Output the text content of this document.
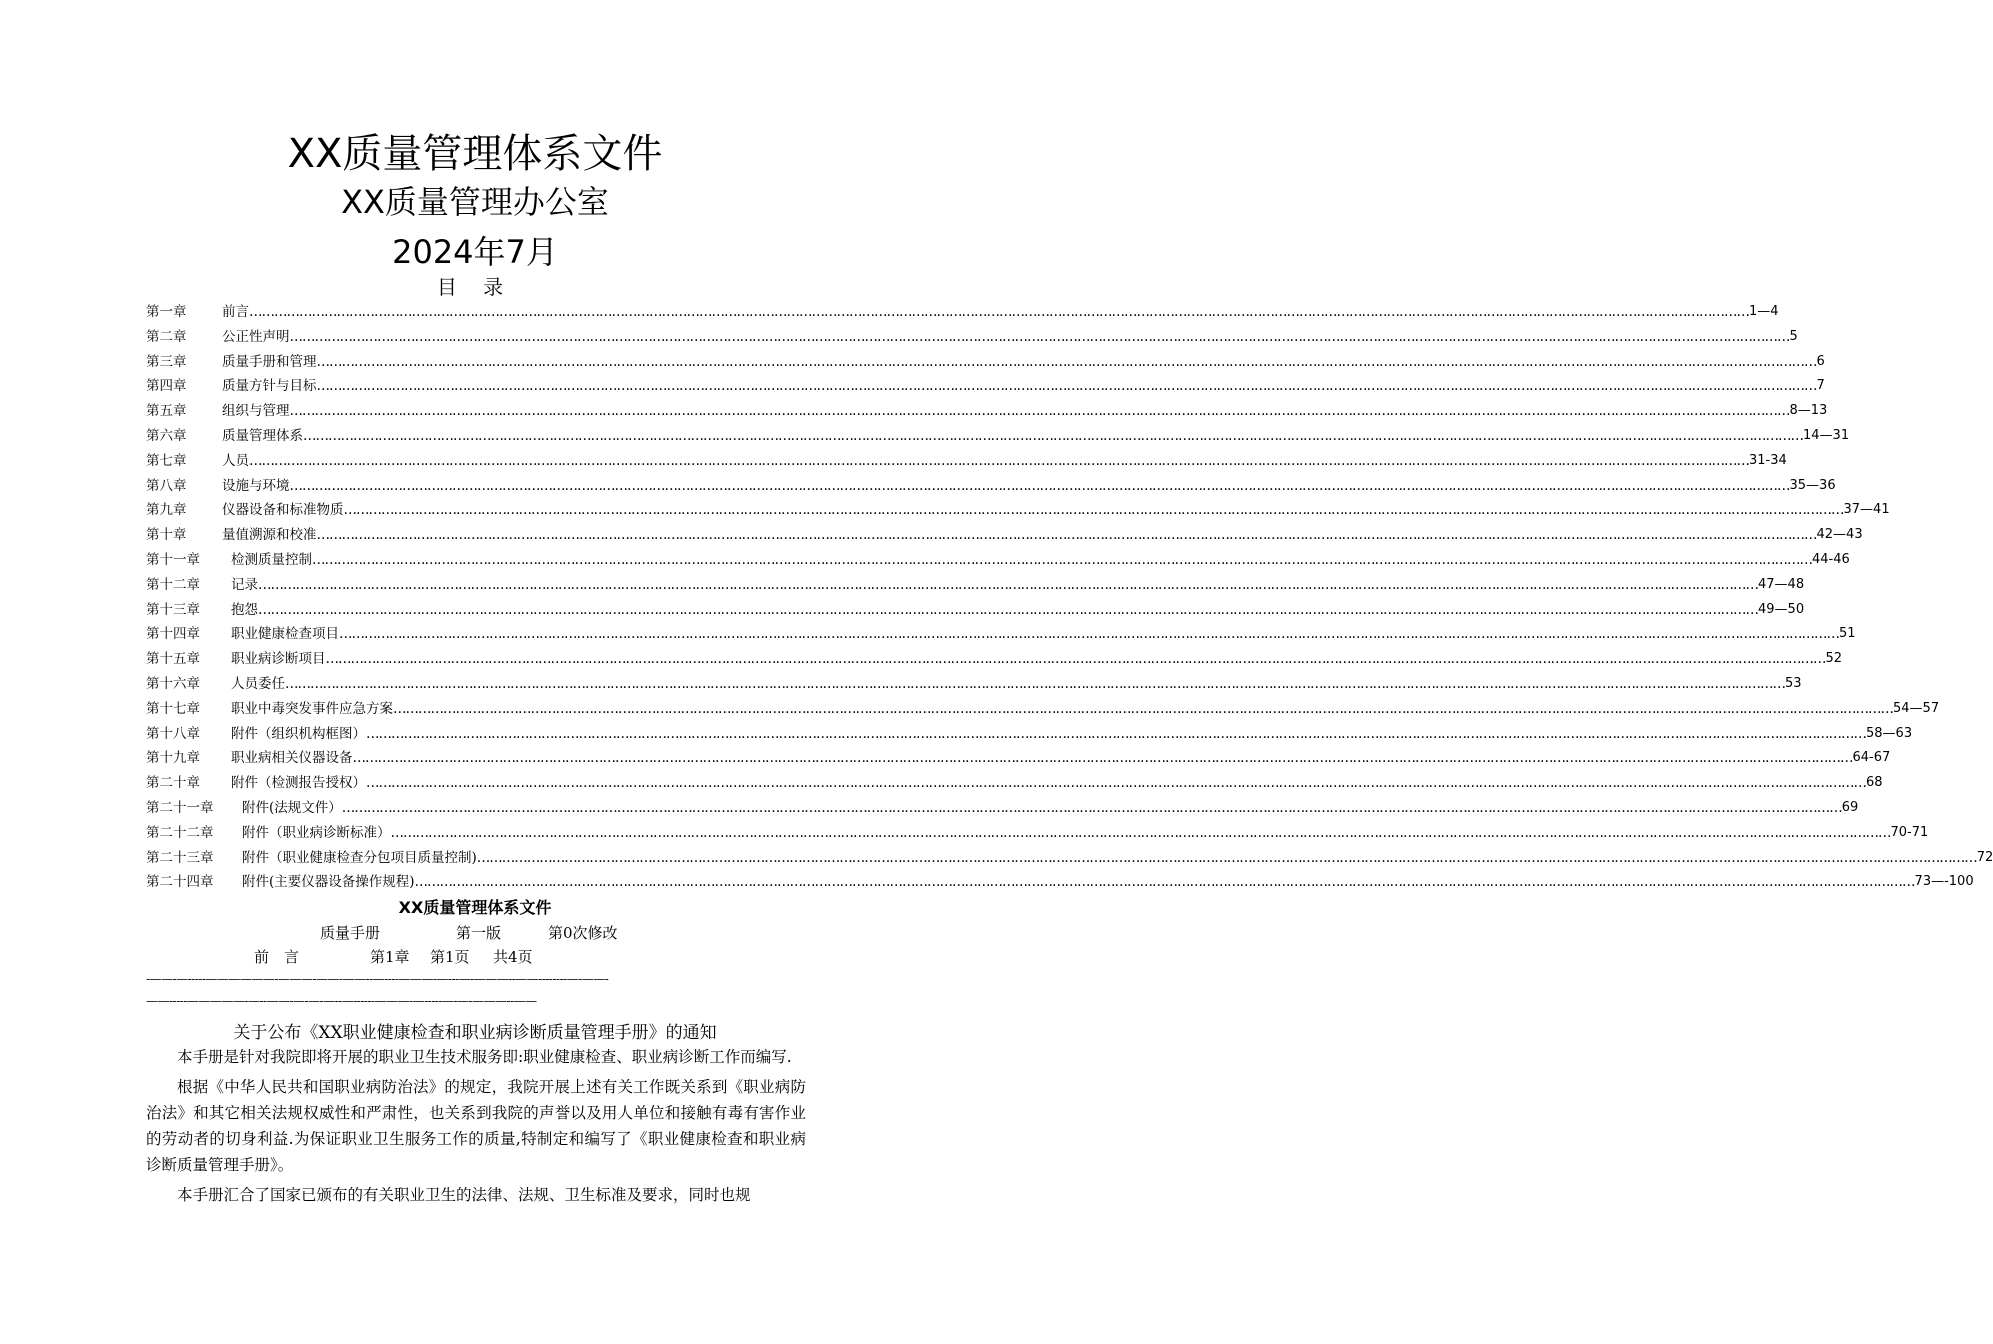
XX质量管理体系文件
XX质量管理办公室
2024年7月
目 录
第一章	前言 ……………………………………………………………………………………………………………………………………………………………………………………………………………………………………………………………………………………………………………………………… 1—4
第二章	公正性声明 ……………………………………………………………………………………………………………………………………………………………………………………………………………………………………………………………………………………………………………………………… 5
第三章	质量手册和管理 ……………………………………………………………………………………………………………………………………………………………………………………………………………………………………………………………………………………………………………………………… 6
第四章	质量方针与目标 ……………………………………………………………………………………………………………………………………………………………………………………………………………………………………………………………………………………………………………………………… 7
第五章	组织与管理 ……………………………………………………………………………………………………………………………………………………………………………………………………………………………………………………………………………………………………………………………… 8—13
第六章	质量管理体系 ……………………………………………………………………………………………………………………………………………………………………………………………………………………………………………………………………………………………………………………………… 14—31
第七章	人员 ……………………………………………………………………………………………………………………………………………………………………………………………………………………………………………………………………………………………………………………………… 31-34
第八章	设施与环境 ……………………………………………………………………………………………………………………………………………………………………………………………………………………………………………………………………………………………………………………………… 35—36
第九章	仪器设备和标准物质 ……………………………………………………………………………………………………………………………………………………………………………………………………………………………………………………………………………………………………………………………… 37—41
第十章	量值溯源和校准 ……………………………………………………………………………………………………………………………………………………………………………………………………………………………………………………………………………………………………………………………… 42—43
第十一章	检测质量控制 ……………………………………………………………………………………………………………………………………………………………………………………………………………………………………………………………………………………………………………………………… 44-46
第十二章	记录 ……………………………………………………………………………………………………………………………………………………………………………………………………………………………………………………………………………………………………………………………… 47—48
第十三章	抱怨 ……………………………………………………………………………………………………………………………………………………………………………………………………………………………………………………………………………………………………………………………… 49—50
第十四章	职业健康检查项目 ……………………………………………………………………………………………………………………………………………………………………………………………………………………………………………………………………………………………………………………………… 51
第十五章	职业病诊断项目 ……………………………………………………………………………………………………………………………………………………………………………………………………………………………………………………………………………………………………………………………… 52
第十六章	人员委任 ……………………………………………………………………………………………………………………………………………………………………………………………………………………………………………………………………………………………………………………………… 53
第十七章	职业中毒突发事件应急方案 ……………………………………………………………………………………………………………………………………………………………………………………………………………………………………………………………………………………………………………………………… 54—57
第十八章	附件（组织机构框图） ……………………………………………………………………………………………………………………………………………………………………………………………………………………………………………………………………………………………………………………………… 58—63
第十九章	职业病相关仪器设备 ……………………………………………………………………………………………………………………………………………………………………………………………………………………………………………………………………………………………………………………………… 64-67
第二十章	附件（检测报告授权） ……………………………………………………………………………………………………………………………………………………………………………………………………………………………………………………………………………………………………………………………… 68
第二十一章	附件(法规文件） ……………………………………………………………………………………………………………………………………………………………………………………………………………………………………………………………………………………………………………………………… 69
第二十二章	附件（职业病诊断标准） ……………………………………………………………………………………………………………………………………………………………………………………………………………………………………………………………………………………………………………………………… 70-71
第二十三章	附件（职业健康检查分包项目质量控制) ……………………………………………………………………………………………………………………………………………………………………………………………………………………………………………………………………………………………………………………………… 72
第二十四章	附件(主要仪器设备操作规程) ……………………………………………………………………………………………………………………………………………………………………………………………………………………………………………………………………………………………………………………………… 73—-100
XX质量管理体系文件
质量手册	第一版	第0次修改
前　言	第1章 第1页 共4页
-——-—-----——————-———-——-——--—----———-—---—-———--——--------—-——-
——-----—————-—--——-—-—-—--—------———-—-----—-—-———--——
关于公布《XX职业健康检查和职业病诊断质量管理手册》的通知

本手册是针对我院即将开展的职业卫生技术服务即:职业健康检查、职业病诊断工作而编写.

根据《中华人民共和国职业病防治法》的规定，我院开展上述有关工作既关系到《职业病防治法》和其它相关法规权威性和严肃性，也关系到我院的声誉以及用人单位和接触有毒有害作业的劳动者的切身利益.为保证职业卫生服务工作的质量,特制定和编写了《职业健康检查和职业病诊断质量管理手册》。

本手册汇合了国家已颁布的有关职业卫生的法律、法规、卫生标准及要求，同时也规
